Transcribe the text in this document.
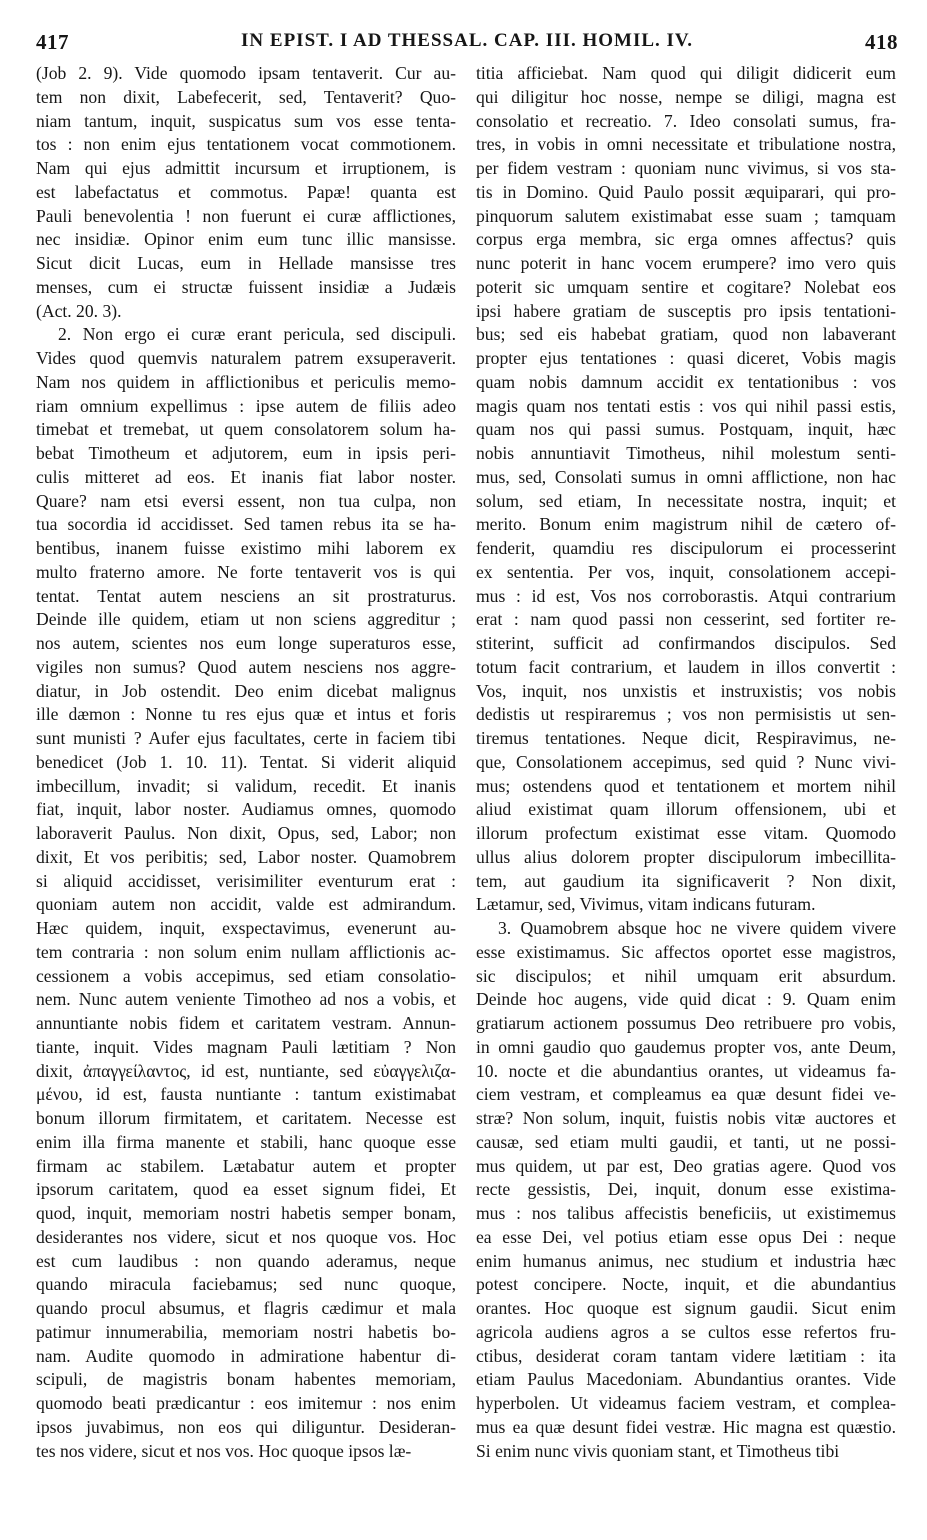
417	IN EPIST. I AD THESSAL. CAP. III. HOMIL. IV.	418
(Job 2. 9). Vide quomodo ipsam tentaverit. Cur au-
tem non dixit, Labefecerit, sed, Tentaverit? Quo-
niam tantum, inquit, suspicatus sum vos esse tenta-
tos : non enim ejus tentationem vocat commotionem.
Nam qui ejus admittit incursum et irruptionem, is
est labefactatus et commotus. Papæ! quanta est
Pauli benevolentia ! non fuerunt ei curæ afflictiones,
nec insidiæ. Opinor enim eum tunc illic mansisse.
Sicut dicit Lucas, eum in Hellade mansisse tres
menses, cum ei structæ fuissent insidiæ a Judæis
(Act. 20. 3).
2. Non ergo ei curæ erant pericula, sed discipuli.
Vides quod quemvis naturalem patrem exsuperaverit.
Nam nos quidem in afflictionibus et periculis memo-
riam omnium expellimus : ipse autem de filiis adeo
timebat et tremebat, ut quem consolatorem solum ha-
bebat Timotheum et adjutorem, eum in ipsis peri-
culis mitteret ad eos. Et inanis fiat labor noster.
Quare? nam etsi eversi essent, non tua culpa, non
tua socordia id accidisset. Sed tamen rebus ita se ha-
bentibus, inanem fuisse existimo mihi laborem ex
multo fraterno amore. Ne forte tentaverit vos is qui
tentat. Tentat autem nesciens an sit prostraturus.
Deinde ille quidem, etiam ut non sciens aggreditur ;
nos autem, scientes nos eum longe superaturos esse,
vigiles non sumus? Quod autem nesciens nos aggre-
diatur, in Job ostendit. Deo enim dicebat malignus
ille dæmon : Nonne tu res ejus quæ et intus et foris
sunt munisti ? Aufer ejus facultates, certe in faciem tibi
benedicet (Job 1. 10. 11). Tentat. Si viderit aliquid
imbecillum, invadit; si validum, recedit. Et inanis
fiat, inquit, labor noster. Audiamus omnes, quomodo
laboraverit Paulus. Non dixit, Opus, sed, Labor; non
dixit, Et vos peribitis; sed, Labor noster. Quamobrem
si aliquid accidisset, verisimiliter eventurum erat :
quoniam autem non accidit, valde est admirandum.
Hæc quidem, inquit, exspectavimus, evenerunt au-
tem contraria : non solum enim nullam afflictionis ac-
cessionem a vobis accepimus, sed etiam consolatio-
nem. Nunc autem veniente Timotheo ad nos a vobis, et
annuntiante nobis fidem et caritatem vestram. Annun-
tiante, inquit. Vides magnam Pauli lætitiam ? Non
dixit, ἀπαγγείλαντος, id est, nuntiante, sed εὐαγγελιζα-
μένου, id est, fausta nuntiante : tantum existimabat
bonum illorum firmitatem, et caritatem. Necesse est
enim illa firma manente et stabili, hanc quoque esse
firmam ac stabilem. Lætabatur autem et propter
ipsorum caritatem, quod ea esset signum fidei, Et
quod, inquit, memoriam nostri habetis semper bonam,
desiderantes nos videre, sicut et nos quoque vos. Hoc
est cum laudibus : non quando aderamus, neque
quando miracula faciebamus; sed nunc quoque,
quando procul absumus, et flagris cædimur et mala
patimur innumerabilia, memoriam nostri habetis bo-
nam. Audite quomodo in admiratione habentur di-
scipuli, de magistris bonam habentes memoriam,
quomodo beati prædicantur : eos imitemur : nos enim
ipsos juvabimus, non eos qui diliguntur. Desideran-
tes nos videre, sicut et nos vos. Hoc quoque ipsos læ-
titia afficiebat. Nam quod qui diligit didicerit eum
qui diligitur hoc nosse, nempe se diligi, magna est
consolatio et recreatio. 7. Ideo consolati sumus, fra-
tres, in vobis in omni necessitate et tribulatione nostra,
per fidem vestram : quoniam nunc vivimus, si vos sta-
tis in Domino. Quid Paulo possit æquiparari, qui pro-
pinquorum salutem existimabat esse suam ; tamquam
corpus erga membra, sic erga omnes affectus? quis
nunc poterit in hanc vocem erumpere? imo vero quis
poterit sic umquam sentire et cogitare? Nolebat eos
ipsi habere gratiam de susceptis pro ipsis tentationi-
bus; sed eis habebat gratiam, quod non labaverant
propter ejus tentationes : quasi diceret, Vobis magis
quam nobis damnum accidit ex tentationibus : vos
magis quam nos tentati estis : vos qui nihil passi estis,
quam nos qui passi sumus. Postquam, inquit, hæc
nobis annuntiavit Timotheus, nihil molestum senti-
mus, sed, Consolati sumus in omni afflictione, non hac
solum, sed etiam, In necessitate nostra, inquit; et
merito. Bonum enim magistrum nihil de cætero of-
fenderit, quamdiu res discipulorum ei processerint
ex sententia. Per vos, inquit, consolationem accepi-
mus : id est, Vos nos corroborastis. Atqui contrarium
erat : nam quod passi non cesserint, sed fortiter re-
stiterint, sufficit ad confirmandos discipulos. Sed
totum facit contrarium, et laudem in illos convertit :
Vos, inquit, nos unxistis et instruxistis; vos nobis
dedistis ut respiraremus ; vos non permisistis ut sen-
tiremus tentationes. Neque dicit, Respiravimus, ne-
que, Consolationem accepimus, sed quid ? Nunc vivi-
mus; ostendens quod et tentationem et mortem nihil
aliud existimat quam illorum offensionem, ubi et
illorum profectum existimat esse vitam. Quomodo
ullus alius dolorem propter discipulorum imbecillita-
tem, aut gaudium ita significaverit ? Non dixit,
Lætamur, sed, Vivimus, vitam indicans futuram.
3. Quamobrem absque hoc ne vivere quidem vivere
esse existimamus. Sic affectos oportet esse magistros,
sic discipulos; et nihil umquam erit absurdum.
Deinde hoc augens, vide quid dicat : 9. Quam enim
gratiarum actionem possumus Deo retribuere pro vobis,
in omni gaudio quo gaudemus propter vos, ante Deum,
10. nocte et die abundantius orantes, ut videamus fa-
ciem vestram, et compleamus ea quæ desunt fidei ve-
stræ? Non solum, inquit, fuistis nobis vitæ auctores et
causæ, sed etiam multi gaudii, et tanti, ut ne possi-
mus quidem, ut par est, Deo gratias agere. Quod vos
recte gessistis, Dei, inquit, donum esse existima-
mus : nos talibus affecistis beneficiis, ut existimemus
ea esse Dei, vel potius etiam esse opus Dei : neque
enim humanus animus, nec studium et industria hæc
potest concipere. Nocte, inquit, et die abundantius
orantes. Hoc quoque est signum gaudii. Sicut enim
agricola audiens agros a se cultos esse refertos fru-
ctibus, desiderat coram tantam videre lætitiam : ita
etiam Paulus Macedoniam. Abundantius orantes. Vide
hyperbolen. Ut videamus faciem vestram, et complea-
mus ea quæ desunt fidei vestræ. Hic magna est quæstio.
Si enim nunc vivis quoniam stant, et Timotheus tibi
